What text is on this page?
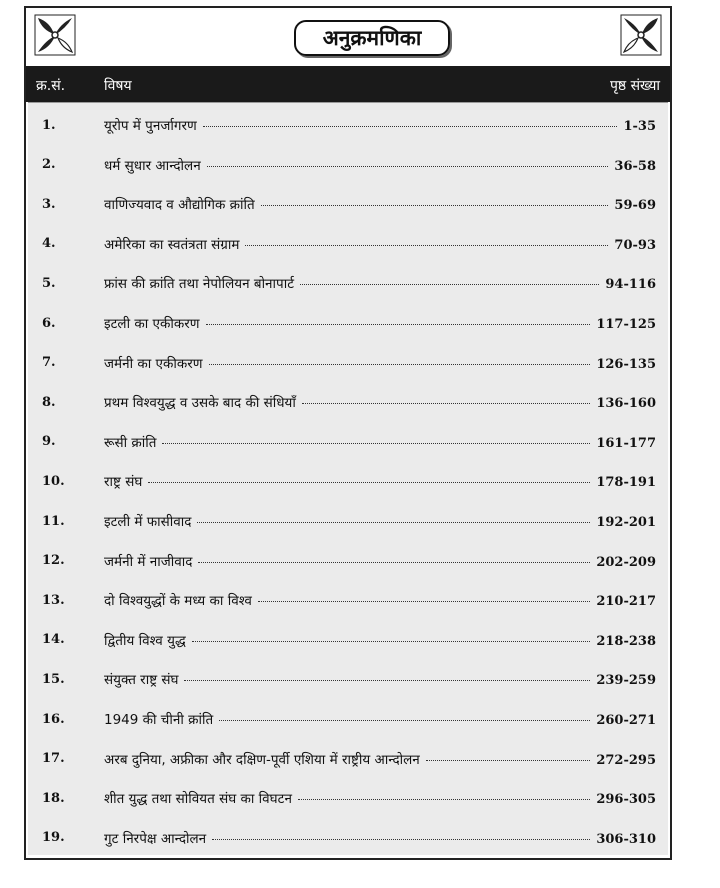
अनुक्रमणिका
क्र.सं.	विषय	पृष्ठ संख्या
1.	यूरोप में पुनर्जागरण	1-35
2.	धर्म सुधार आन्दोलन	36-58
3.	वाणिज्यवाद व औद्योगिक क्रांति	59-69
4.	अमेरिका का स्वतंत्रता संग्राम	70-93
5.	फ्रांस की क्रांति तथा नेपोलियन बोनापार्ट	94-116
6.	इटली का एकीकरण	117-125
7.	जर्मनी का एकीकरण	126-135
8.	प्रथम विश्वयुद्ध व उसके बाद की संधियाँ	136-160
9.	रूसी क्रांति	161-177
10.	राष्ट्र संघ	178-191
11.	इटली में फासीवाद	192-201
12.	जर्मनी में नाजीवाद	202-209
13.	दो विश्वयुद्धों के मध्य का विश्व	210-217
14.	द्वितीय विश्व युद्ध	218-238
15.	संयुक्त राष्ट्र संघ	239-259
16.	1949 की चीनी क्रांति	260-271
17.	अरब दुनिया, अफ्रीका और दक्षिण-पूर्वी एशिया में राष्ट्रीय आन्दोलन	272-295
18.	शीत युद्ध तथा सोवियत संघ का विघटन	296-305
19.	गुट निरपेक्ष आन्दोलन	306-310
